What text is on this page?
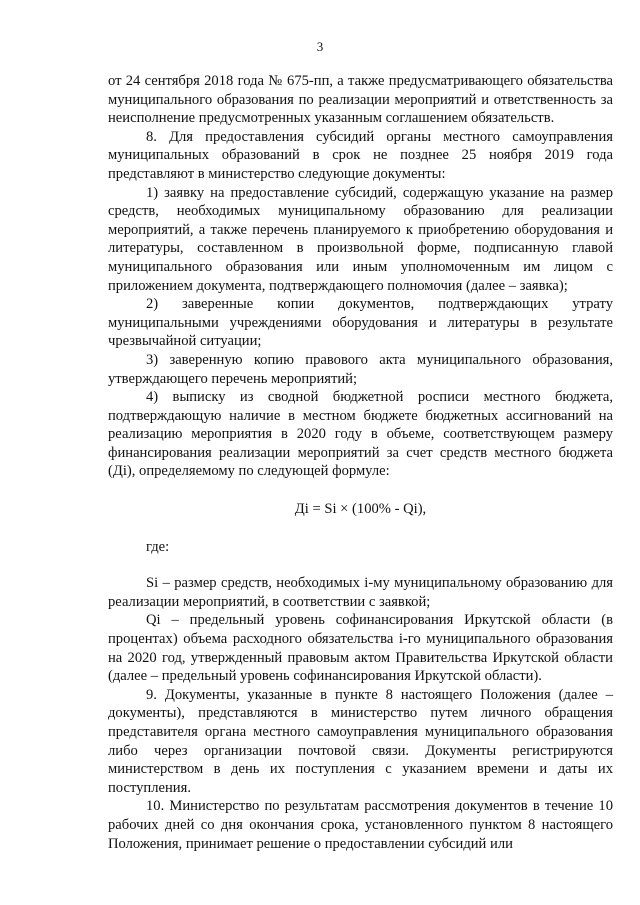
3

от 24 сентября 2018 года № 675-пп, а также предусматривающего обязательства муниципального образования по реализации мероприятий и ответственность за неисполнение предусмотренных указанным соглашением обязательств.

8. Для предоставления субсидий органы местного самоуправления муниципальных образований в срок не позднее 25 ноября 2019 года представляют в министерство следующие документы:

1) заявку на предоставление субсидий, содержащую указание на размер средств, необходимых муниципальному образованию для реализации мероприятий, а также перечень планируемого к приобретению оборудования и литературы, составленном в произвольной форме, подписанную главой муниципального образования или иным уполномоченным им лицом с приложением документа, подтверждающего полномочия (далее – заявка);

2) заверенные копии документов, подтверждающих утрату муниципальными учреждениями оборудования и литературы в результате чрезвычайной ситуации;

3) заверенную копию правового акта муниципального образования, утверждающего перечень мероприятий;

4) выписку из сводной бюджетной росписи местного бюджета, подтверждающую наличие в местном бюджете бюджетных ассигнований на реализацию мероприятия в 2020 году в объеме, соответствующем размеру финансирования реализации мероприятий за счет средств местного бюджета (Дi), определяемому по следующей формуле:

Дi = Si × (100% - Qi),

где:

Si – размер средств, необходимых i-му муниципальному образованию для реализации мероприятий, в соответствии с заявкой;

Qi – предельный уровень софинансирования Иркутской области (в процентах) объема расходного обязательства i-го муниципального образования на 2020 год, утвержденный правовым актом Правительства Иркутской области (далее – предельный уровень софинансирования Иркутской области).

9. Документы, указанные в пункте 8 настоящего Положения (далее – документы), представляются в министерство путем личного обращения представителя органа местного самоуправления муниципального образования либо через организации почтовой связи. Документы регистрируются министерством в день их поступления с указанием времени и даты их поступления.

10. Министерство по результатам рассмотрения документов в течение 10 рабочих дней со дня окончания срока, установленного пунктом 8 настоящего Положения, принимает решение о предоставлении субсидий или
